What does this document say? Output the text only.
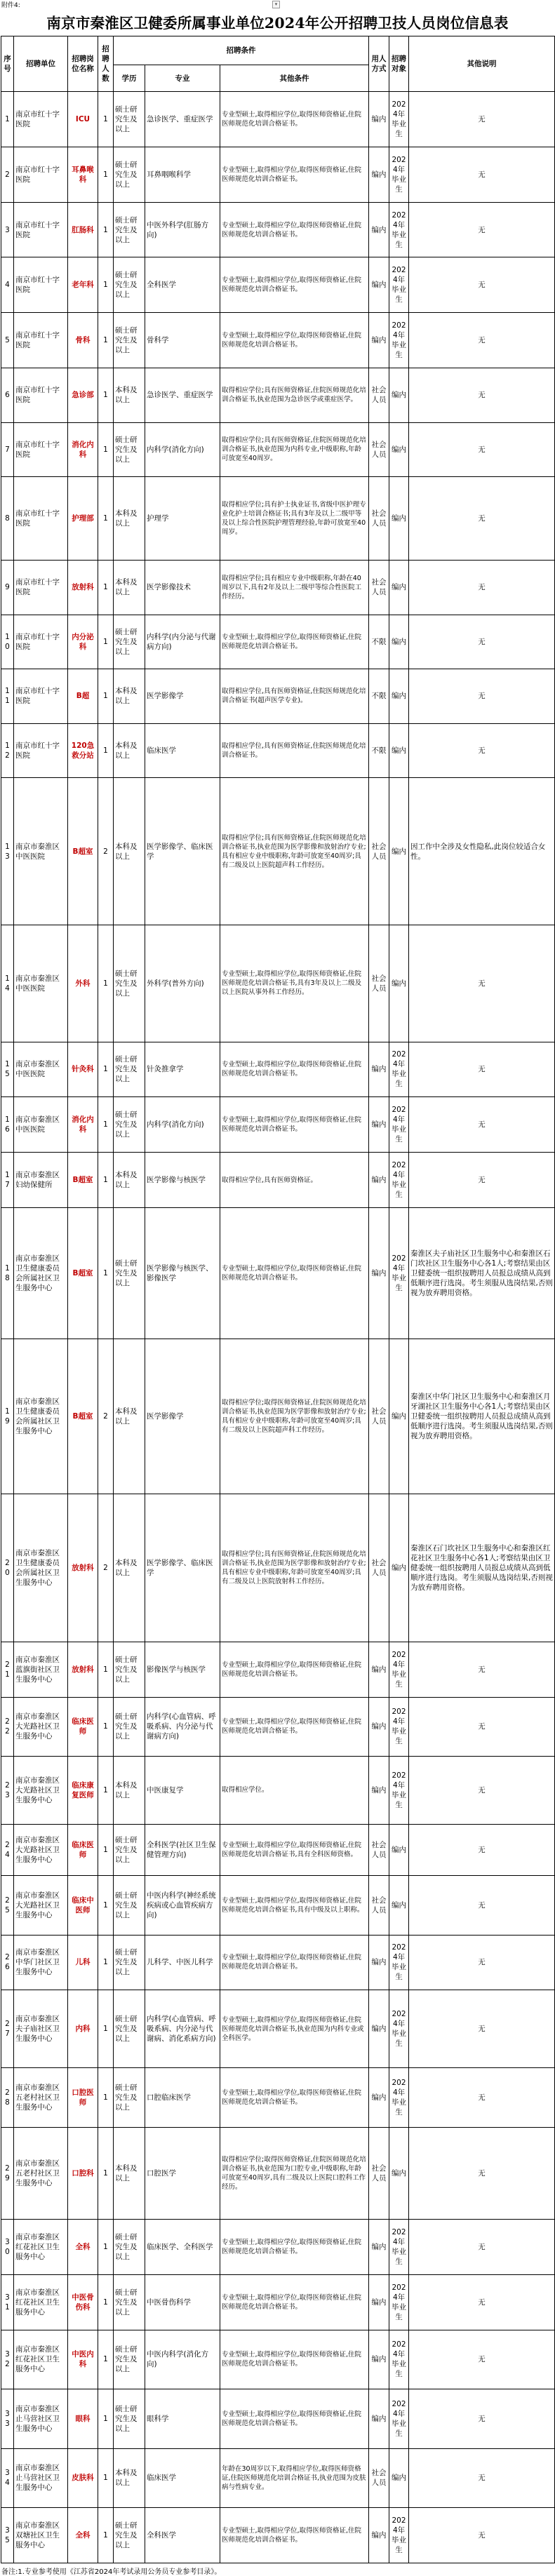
附件4:	▾
南京市秦淮区卫健委所属事业单位2024年公开招聘卫技人员岗位信息表
序号	招聘单位	招聘岗位名称	招聘人数	招聘条件			用人方式	招聘对象	其他说明
				学历	专业	其他条件			
1	南京市红十字医院	ICU	1	硕士研究生及以上	急诊医学、重症医学	专业型硕士,取得相应学位,取得医师资格证,住院医师规范化培训合格证书。	编内	2024年毕业生	无
2	南京市红十字医院	耳鼻喉科	1	硕士研究生及以上	耳鼻咽喉科学	专业型硕士,取得相应学位,取得医师资格证,住院医师规范化培训合格证书。	编内	2024年毕业生	无
3	南京市红十字医院	肛肠科	1	硕士研究生及以上	中医外科学(肛肠方向)	专业型硕士,取得相应学位,取得医师资格证,住院医师规范化培训合格证书。	编内	2024年毕业生	无
4	南京市红十字医院	老年科	1	硕士研究生及以上	全科医学	专业型硕士,取得相应学位,取得医师资格证,住院医师规范化培训合格证书。	编内	2024年毕业生	无
5	南京市红十字医院	骨科	1	硕士研究生及以上	骨科学	专业型硕士,取得相应学位,取得医师资格证,住院医师规范化培训合格证书。	编内	2024年毕业生	无
6	南京市红十字医院	急诊部	1	本科及以上	急诊医学、重症医学	取得相应学位;具有医师资格证,住院医师规范化培训合格证书,执业范围为急诊医学或重症医学。	社会人员	编内	无
7	南京市红十字医院	消化内科	1	硕士研究生及以上	内科学(消化方向)	取得相应学位;具有医师资格证,住院医师规范化培训合格证书,执业范围为内科专业,中级职称,年龄可放宽至40周岁。	社会人员	编内	无
8	南京市红十字医院	护理部	1	本科及以上	护理学	取得相应学位;具有护士执业证书,省级中医护理专业化护士培训合格证书;具有3年及以上二级甲等及以上综合性医院护理管理经验,年龄可放宽至40周岁。	社会人员	编内	无
9	南京市红十字医院	放射科	1	本科及以上	医学影像技术	取得相应学位;具有相应专业中级职称,年龄在40周岁以下,具有2年及以上二级甲等综合性医院工作经历。	社会人员	编内	无
10	南京市红十字医院	内分泌科	1	硕士研究生及以上	内科学(内分泌与代谢病方向)	专业型硕士,取得相应学位,取得医师资格证,住院医师规范化培训合格证书。	不限	编内	无
11	南京市红十字医院	B超	1	本科及以上	医学影像学	取得相应学位,具有医师资格证,住院医师规范化培训合格证书(超声医学专业)。	不限	编内	无
12	南京市红十字医院	120急救分站	1	本科及以上	临床医学	取得相应学位,具有医师资格证,住院医师规范化培训合格证书。	不限	编内	无
13	南京市秦淮区中医医院	B超室	2	本科及以上	医学影像学、临床医学	取得相应学位;具有医师资格证,住院医师规范化培训合格证书,执业范围为医学影像和放射治疗专业;具有相应专业中级职称,年龄可放宽至40周岁;具有二级及以上医院超声科工作经历。	社会人员	编内	因工作中全涉及女性隐私,此岗位较适合女性。
14	南京市秦淮区中医医院	外科	1	硕士研究生及以上	外科学(普外方向)	专业型硕士,取得相应学位,取得医师资格证,住院医师规范化培训合格证书,具有3年及以上二级及以上医院从事外科工作经历。	社会人员	编内	无
15	南京市秦淮区中医医院	针灸科	1	硕士研究生及以上	针灸推拿学	专业型硕士,取得相应学位,取得医师资格证,住院医师规范化培训合格证书。	编内	2024年毕业生	无
16	南京市秦淮区中医医院	消化内科	1	硕士研究生及以上	内科学(消化方向)	专业型硕士,取得相应学位,取得医师资格证,住院医师规范化培训合格证书。	编内	2024年毕业生	无
17	南京市秦淮区妇幼保健所	B超室	1	本科及以上	医学影像与核医学	取得相应学位,具有医师资格证。	编内	2024年毕业生	无
18	南京市秦淮区卫生健康委员会所属社区卫生服务中心	B超室	1	硕士研究生及以上	医学影像与核医学、影像医学	专业型硕士,取得相应学位,取得医师资格证,住院医师规范化培训合格证书。	编内	2024年毕业生	秦淮区夫子庙社区卫生服务中心和秦淮区石门坎社区卫生服务中心各1人;考察结果由区卫健委统一组织按聘用人员报总成绩从高到低顺序进行选岗。考生须服从选岗结果,否则视为放弃聘用资格。
19	南京市秦淮区卫生健康委员会所属社区卫生服务中心	B超室	2	本科及以上	医学影像学	取得相应学位;取得医师资格证,住院医师规范化培训合格证书,执业范围为医学影像和放射治疗专业;具有相应专业中级职称,年龄可放宽至40周岁;具有二级及以上医院超声科工作经历。	社会人员	编内	秦淮区中华门社区卫生服务中心和秦淮区月牙湖社区卫生服务中心各1人;考察结果由区卫健委统一组织按聘用人员报总成绩从高到低顺序进行选岗。考生须服从选岗结果,否则视为放弃聘用资格。
20	南京市秦淮区卫生健康委员会所属社区卫生服务中心	放射科	2	本科及以上	医学影像学、临床医学	取得相应学位;具有医师资格证,住院医师规范化培训合格证书,执业范围为医学影像和放射治疗专业;具有相应专业中级职称,年龄可放宽至40周岁;具有二级及以上医院放射科工作经历。	社会人员	编内	秦淮区石门坎社区卫生服务中心和秦淮区红花社区卫生服务中心各1人;考察结果由区卫健委统一组织按聘用人员报总成绩从高到低顺序进行选岗。考生须服从选岗结果,否则视为放弃聘用资格。
21	南京市秦淮区蓝旗街社区卫生服务中心	放射科	1	硕士研究生及以上	影像医学与核医学	专业型硕士,取得相应学位,取得医师资格证,住院医师规范化培训合格证书。	编内	2024年毕业生	无
22	南京市秦淮区大光路社区卫生服务中心	临床医师	1	硕士研究生及以上	内科学(心血管病、呼吸系病、内分泌与代谢病方向)	专业型硕士,取得相应学位,取得医师资格证,住院医师规范化培训合格证书。	编内	2024年毕业生	无
23	南京市秦淮区大光路社区卫生服务中心	临床康复医师	1	本科及以上	中医康复学	取得相应学位。	编内	2024年毕业生	无
24	南京市秦淮区大光路社区卫生服务中心	临床医师	1	硕士研究生及以上	全科医学(社区卫生保健管理方向)	专业型硕士,取得相应学位,取得医师资格证,住院医师规范化培训合格证书,具有全科医师资格。	社会人员	编内	无
25	南京市秦淮区大光路社区卫生服务中心	临床中医师	1	硕士研究生及以上	中医内科学(神经系统疾病或心血管疾病方向)	专业型硕士,取得相应学位,取得医师资格证,住院医师规范化培训合格证书,具有中级及以上职称。	社会人员	编内	无
26	南京市秦淮区中华门社区卫生服务中心	儿科	1	硕士研究生及以上	儿科学、中医儿科学	专业型硕士,取得相应学位,取得医师资格证,住院医师规范化培训合格证书。	编内	2024年毕业生	无
27	南京市秦淮区夫子庙社区卫生服务中心	内科	1	硕士研究生及以上	内科学(心血管病、呼吸系病、内分泌与代谢病、消化系病方向)	专业型硕士,取得相应学位,取得医师资格证,住院医师规范化培训合格证书,执业范围为内科专业或全科医学。	编内	2024年毕业生	无
28	南京市秦淮区五老村社区卫生服务中心	口腔医师	1	硕士研究生及以上	口腔临床医学	专业型硕士,取得相应学位,取得医师资格证,住院医师规范化培训合格证书。	编内	2024年毕业生	无
29	南京市秦淮区五老村社区卫生服务中心	口腔科	1	本科及以上	口腔医学	取得相应学位;取得医师资格证,住院医师规范化培训合格证书,执业范围为口腔专业,中级职称,年龄可放宽至40周岁,具有二级及以上医院口腔科工作经历。	社会人员	编内	无
30	南京市秦淮区红花社区卫生服务中心	全科	1	硕士研究生及以上	临床医学、全科医学	专业型硕士,取得相应学位,取得医师资格证,住院医师规范化培训合格证书。	编内	2024年毕业生	无
31	南京市秦淮区红花社区卫生服务中心	中医骨伤科	1	硕士研究生及以上	中医骨伤科学	专业型硕士,取得相应学位,取得医师资格证,住院医师规范化培训合格证书。	编内	2024年毕业生	无
32	南京市秦淮区红花社区卫生服务中心	中医内科	1	硕士研究生及以上	中医内科学(消化方向)	专业型硕士,取得相应学位,取得医师资格证,住院医师规范化培训合格证书。	编内	2024年毕业生	无
33	南京市秦淮区止马营社区卫生服务中心	眼科	1	硕士研究生及以上	眼科学	专业型硕士,取得相应学位,取得医师资格证,住院医师规范化培训合格证书。	编内	2024年毕业生	无
34	南京市秦淮区止马营社区卫生服务中心	皮肤科	1	本科及以上	临床医学	年龄在30周岁以下,取得相应学位,取得医师资格证,住院医师规范化培训合格证书,执业范围为皮肤病与性病专业。	社会人员	编内	无
35	南京市秦淮区双塘社区卫生服务中心	全科	1	硕士研究生及以上	全科医学	专业型硕士,取得相应学位,取得医师资格证,住院医师规范化培训合格证书。	编内	2024年毕业生	无
备注:1.专业参考使用《江苏省2024年考试录用公务员专业参考目录》。
